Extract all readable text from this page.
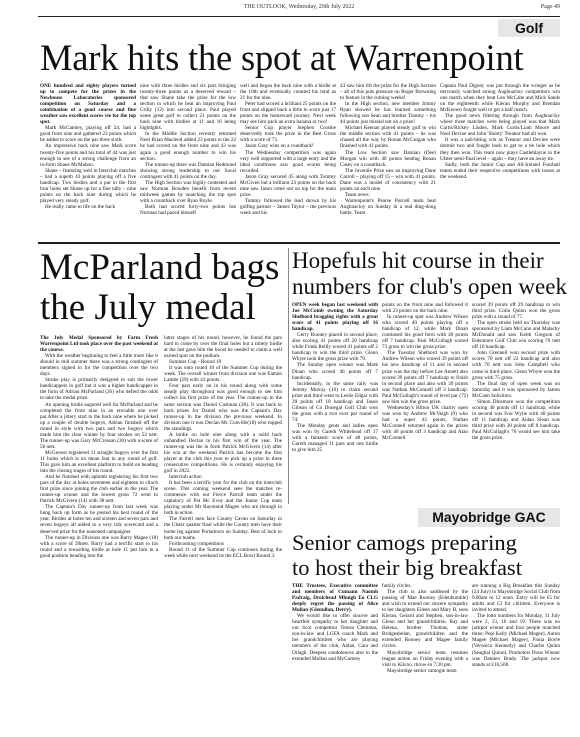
THE OUTLOOK, Wednesday, 20th July 2022	Page 49
Golf
Mark hits the spot at Warrenpoint

ONE hundred and eighty players turned up to compete for the prizes in the Newhouse Laboratories sponsored competition on Saturday and a combination of a good course and fine weather saw excellent scores vie for the top spot.

Mark McCamley, playing off 24, had a good front nine and gathered 23 points which he added to score on the par three sixth.

An impressive back nine saw Mark score twenty-five points and his total of 44 was just enough to see of a strong challenge from an in-form Shane McMahon.

Shane – featuring well in Interclub matches – had a superb 43 points playing off a five handicap. Two birdies and a par in the first four holes set Shane up for a fine tally – nine points on the back nine during which he played very steady golf.

He really came to life on the back

nine with three birdies and six pars bringing twenty-three points as a deserved reward – that saw Shane take the prize for the low section in which he beat an improving Paul Crilly (12) into second place. Paul played some great golf to collect 21 points on the back nine with birdies at 11 and 16 being highlights.

In the Middle Section recently returned Noel Brian Macleod added 23 points to the 22 he had scored on the front nine and 43 was again a good enough number to win his section.

The runner-up there was Damian Redmond showing strong leadership to our Saval contingent with 41 points on the day.

The High Section was highly contested and saw Norman Bowden benefit from recent midweek games by snatching the top spot with a countback over Ryan Boyle.

Both had scored forty-two points but Norman had paced himself

well and began the back nine with a birdie at the 10th and eventually counted his total as 21 for the nine.

Peter had scored a brilliant 25 points on the front and slipped back a little to score just 17 points on the homeward journey. Next week may see him pack an extra banana or two!

Senior Cup player Stephen Crosbie deservedly took the prize in the Best Gross with a score of 71.

Jason Gray wins on a countback!

The Wednesday competition was again very well supported with a large entry and the ideal conditions saw good scores being recorded.

Jason Gray secured 45 along with Tommy McGiven but a brilliant 23 points on the back nine saw Jason come out on top for the main prize.

Tommy followed the lead shown by his golfing partner – James Taylor – the previous week and his

43 saw him lift the prize for the High Section – all of this puts pressure on Roger Browning to feature in the coming weeks!

In the High section, new member Jimmy Ryan showed he has learned something following son Sean and brother Tommy – his 44 points just missed out on a prize!

Michael Keenan played steady golf to win the middle section with 41 points – he was chased all the way by Ronan McGuigan who finished with 41 points.

The Low Section saw Damian (Dee) Morgan win with 40 points beating Ronan Casey on a countback.

The Juvenile Prize saw an improving Dane Carroll – playing off 15 – win with 41 points. Dane was a model of consistency with 21 points on each nine.

Team news:

Warrenpoint's Pearse Purcell team beat Aughnacloy on Sunday in a real ding-dong battle. Team

Captain Paul Digney was put through the wringer as he nervously watched strong Aughnacloy competitors win one match when they beat Leo McCabe and Mick Sands on the eighteenth while Kieran Murphy and Brendan McKeown fought well to get a half match.

The good news filtering through from Aughnacloy where three matches were being played was that Mark Curtis/Rickey Linden, Mark Curtis/Liam Moore and Noel Devine and John 'Shorty' Treanor had all won.

It was a nail-biting win as Treanor and Devine were dormie two and fought back to get to a tie hole which they then won. This team now plays Castleblayne in the Ulster semi-final level – again – they have an away tie.

Sadly, both the Junior Cup and All-Ireland Fourball teams ended their respective competitions with losses at the weekend.

McParland bags
the July medal

The July Medal Sponsored by Farm Fresh Warrenpoint Ltd took place over the past weekend at the course.

With the weather beginning to feel a little more like it should in mid summer there was a strong contingent of members signed in for the competition over the two days.

Stroke play is primarily designed to suit the lower handicappers in golf but it was a higher handicapper in the form of Adrian McParland (26) who defied the odds to take the medal prize.

An opening birdie augured well for McParland and he completed the front nine in an enviable one over par.After a jittery start to the back nine where he picked up a couple of double bogeys, Adrian finished off the round in style with two pars and two bogeys which made him the clear winner by four strokes on 52 nett. The runner-up was Gary McCrossan (30) with a score of 56 nett.

McGeown registered 11 straight bogeys over the first 11 holes which is no mean feat in any round of golf. This gave him an excellent platform to build on heading into the closing stages of his round.

And he finished with aplomb registering his first two pars of the day at holes seventeen and eighteen to clinch first prize since joining the club earlier in the year. The runner-up winner and the lowest gross 72 went to Patrick McGivern (14) with 38 nett.

The Captain's Day runner-up from last week was hung back up form as he posted his best round of the year. Birdies at holes ten and sixteen and seven pars and seven bogeys all added to a very tidy scorecard and a deserved prize for the seasoned campaigner.

The runner-up in Division one was Barry Magee (18) with a score of 39nett. Barry had a terrific start to his round and a rewarding birdie at hole 11 put him in a good position heading into the

latter stages of his round, however, he found the pars hard to come by over the final holes but a timely birdie at the last gave him the boost he needed to claim a well earned spot on the podium.

Summer Cup - Round 10

It was onto round 10 of the Summer Cup during the week. The overall winner from division one was Eamon Lambe (29) with 43 points.

Four pars early on in his round along with some steady play throughout was good enough to see him collect his first prize of the year. The runner-up in the same section was Daniel Cushnan (28). It was back to back prizes for Daniel who was the Captain's Day runner-up in the division the previous weekend. In division one it was Declan Mc Conville(18) who topped the standings.

A birdie on hole nine along with a solid back unhandled Declan to his first win of the year. The runner-up was the in form Patrick McGivern (14) after his win at the weekend Patrick has become the first player at the club this year to pick up a prize in three consecutive competitions. He is certainly enjoying his golf in 2022.

Interclub action

It has been a terrific year for the club on the interclub scene. This coming weekend sees the matches re-commence with our Fierce Parroll team under the captaincy of Pat Mc Evoy and the Junior Cup team playing under Mr Raymond Magee who are through in both in action.

The Farrell men face County Cavan on Saturday in the Ulster quarter final while the County men have their home leg against Portadown on Sunday. Best of luck to both our teams.

Forthcoming competitions

Round 11 of the Summer Cup continues during the week while next weekend its the ECL Bowl Round 3.

Hopefuls hit course in their
numbers for club's open week

OPEN week began last weekend with Joe McComb owning the Saturday Shelbord bragging rights with a great score of 41 points playing off 16 handicap.

Gerry Rooney placed in second place, also scoring 41 points off 20 handicap while Frank Reilly scored 41 points off 2 handicap to win the third prize. Glenn Whyte took the gross prize with 79.

The Sunday open winner was Mark Dinan who scored 40 points off 7 handicap.

Incidentally, in the same rally was Jeremy Murray (16) to claim second prize and third went to Leslie Edgar with 39 points off 10 handicap and Jason Gibson of Co Donegal Golf Club won the gross with a two over par round of 74.

The Monday gents and ladies open was won by Gareth Whitehead off 17 with a fantastic score of 48 points, Gareth managed 11 pars and one birdie to give him 25

points on the front nine and followed it with 23 points on the back nine.

In runner-up spot was Andrew Wilson who scored 40 points playing off a handicap of 12, while Mark Dinan continued his good form with 40 points off 7 handicap. Paul McCullagh scored 73 gross to win the gross prize.

The Tuesday Shelbord was won by Andrew Wilson who scored 39 points off his new handicap of 11 and in second prize was the day before Lee Annett also scored 39 points off 7 handicap to finish in second place and also with 39 points was Nathan McConnell off 3 handicap. Paul McCullagh's round of level par (72) saw him win the gross prize.

Wednesday's Hilton UK charity open was won by Andrew McVeigh (9) who had a super 43 points, Nathan McConnell returned again in the prizes with 40 points off 3 handicap and Alan McConnell

scored 39 points off 29 handicap to win third prize. Colin Quinn won the gross prize with a round of 77.

The open stroke held on Thursday was sponsored by Liam McCann and Malachy McDonald and saw Keith Gregson of Edenmore Golf Club win scoring 70 nett off 10 handicap.

John Grennell won second prize with scores 70 nett off 22 handicap and also with 70 nett was John Campbell who came in third place. Glenn Whyte won the gross with 75 gross.

The final day of open week was on Saturday and it was sponsored by James McCann Solicitors.

Simon Dinsmore won the competition scoring 40 points off 11 handicap, while in second was Ivor Wylie with 40 points off 11 handicap and Aidan Sloan was third prize with 38 points off 8 handicap. Paul McCullagh's 76 would see him take the gross prize.

Mayobridge GAC
Senior camogs preparing
to host their big breakfast

THE Trustees, Executive committee and members of Cumann Naomh Padraig, Droichead Mhuigh Eo CLG deeply regret the passing of Alice Mullan (Glenullan, Derry).

We would like to offer sincere and heartfelt sympathy to her daughter and our Scór competitor Teresa Clemmas, son-in-law and LGFA coach Mark and her grandchildren who are playing members of the club, Aidan, Cara and Orlagh. Deepest condolences also to the extended Mullan and McCartney

family circles.

The club is also saddened by the passing of Mae Rooney (Edenbumble) and wish to extend our sincere sympathy to her daughters Eileen and Mary B, sons Kieran, Gerard and Stephen, son-in-law Glenn and her grandchildren. Ray and Helena, brother Thomas, sister Bridgeabelan, grandchildren and the extended Rooney and Magee family circles.

Mayobridge senior team resumes league action on Friday evening with a visit to Kilcoo, throw-in 7:30 pm.

Mayobridge senior camogie team

are running a Big Breakfast this Sunday (24 July) in Mayobridge Social Club from 9.00am to 12 noon. Entry will be £5 for adults and £3 for children. Everyone is invited to attend.

The lotto numbers for Monday, 11 July were 2, 13, 16 and 19. There was no jackpot winner and four people matched three; Pepi Kelly (Michael Magee), Aaron Magee (Michael Magee), Fiona Boyle (Veronica Kennedy) and Charlie Quinn (Seaghal Quinn). Promoters Draw Winner was Damien Brady. The jackpot now stands at £10,500.
